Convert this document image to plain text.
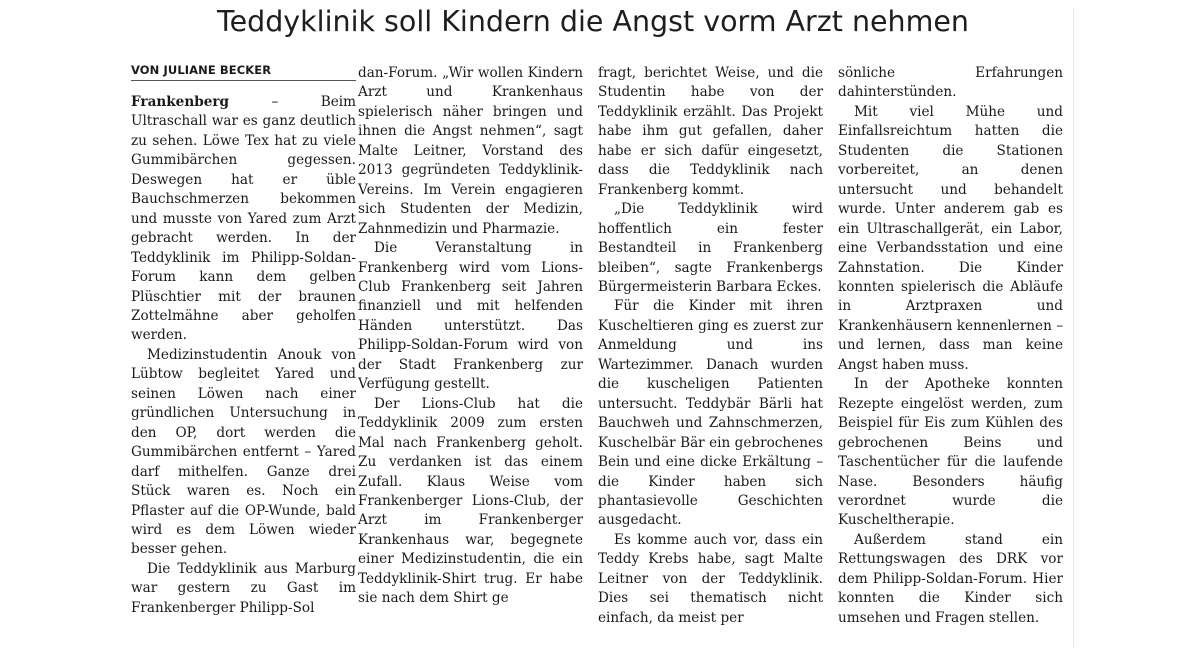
Teddyklinik soll Kindern die Angst vorm Arzt nehmen
VON JULIANE BECKER

Frankenberg – Beim Ultraschall war es ganz deutlich zu sehen. Löwe Tex hat zu viele Gummibärchen gegessen. Deswegen hat er üble Bauchschmerzen bekommen und musste von Yared zum Arzt gebracht werden. In der Teddyklinik im Philipp-Soldan-Forum kann dem gelben Plüschtier mit der braunen Zottelmähne aber geholfen werden.

Medizinstudentin Anouk von Lübtow begleitet Yared und seinen Löwen nach einer gründlichen Untersuchung in den OP, dort werden die Gummibärchen entfernt – Yared darf mithelfen. Ganze drei Stück waren es. Noch ein Pflaster auf die OP-Wunde, bald wird es dem Löwen wieder besser gehen.

Die Teddyklinik aus Marburg war gestern zu Gast im Frankenberger Philipp-Sol

dan-Forum. „Wir wollen Kindern Arzt und Krankenhaus spielerisch näher bringen und ihnen die Angst nehmen“, sagt Malte Leitner, Vorstand des 2013 gegründeten Teddyklinik-Vereins. Im Verein engagieren sich Studenten der Medizin, Zahnmedizin und Pharmazie.

Die Veranstaltung in Frankenberg wird vom Lions-Club Frankenberg seit Jahren finanziell und mit helfenden Händen unterstützt. Das Philipp-Soldan-Forum wird von der Stadt Frankenberg zur Verfügung gestellt.

Der Lions-Club hat die Teddyklinik 2009 zum ersten Mal nach Frankenberg geholt. Zu verdanken ist das einem Zufall. Klaus Weise vom Frankenberger Lions-Club, der Arzt im Frankenberger Krankenhaus war, begegnete einer Medizinstudentin, die ein Teddyklinik-Shirt trug. Er habe sie nach dem Shirt ge

fragt, berichtet Weise, und die Studentin habe von der Teddyklinik erzählt. Das Projekt habe ihm gut gefallen, daher habe er sich dafür eingesetzt, dass die Teddyklinik nach Frankenberg kommt.

„Die Teddyklinik wird hoffentlich ein fester Bestandteil in Frankenberg bleiben“, sagte Frankenbergs Bürgermeisterin Barbara Eckes.

Für die Kinder mit ihren Kuscheltieren ging es zuerst zur Anmeldung und ins Wartezimmer. Danach wurden die kuscheligen Patienten untersucht. Teddybär Bärli hat Bauchweh und Zahnschmerzen, Kuschelbär Bär ein gebrochenes Bein und eine dicke Erkältung – die Kinder haben sich phantasievolle Geschichten ausgedacht.

Es komme auch vor, dass ein Teddy Krebs habe, sagt Malte Leitner von der Teddyklinik. Dies sei thematisch nicht einfach, da meist per

sönliche Erfahrungen dahinterstünden.

Mit viel Mühe und Einfallsreichtum hatten die Studenten die Stationen vorbereitet, an denen untersucht und behandelt wurde. Unter anderem gab es ein Ultraschallgerät, ein Labor, eine Verbandsstation und eine Zahnstation. Die Kinder konnten spielerisch die Abläufe in Arztpraxen und Krankenhäusern kennenlernen – und lernen, dass man keine Angst haben muss.

In der Apotheke konnten Rezepte eingelöst werden, zum Beispiel für Eis zum Kühlen des gebrochenen Beins und Taschentücher für die laufende Nase. Besonders häufig verordnet wurde die Kuscheltherapie.

Außerdem stand ein Rettungswagen des DRK vor dem Philipp-Soldan-Forum. Hier konnten die Kinder sich umsehen und Fragen stellen.
